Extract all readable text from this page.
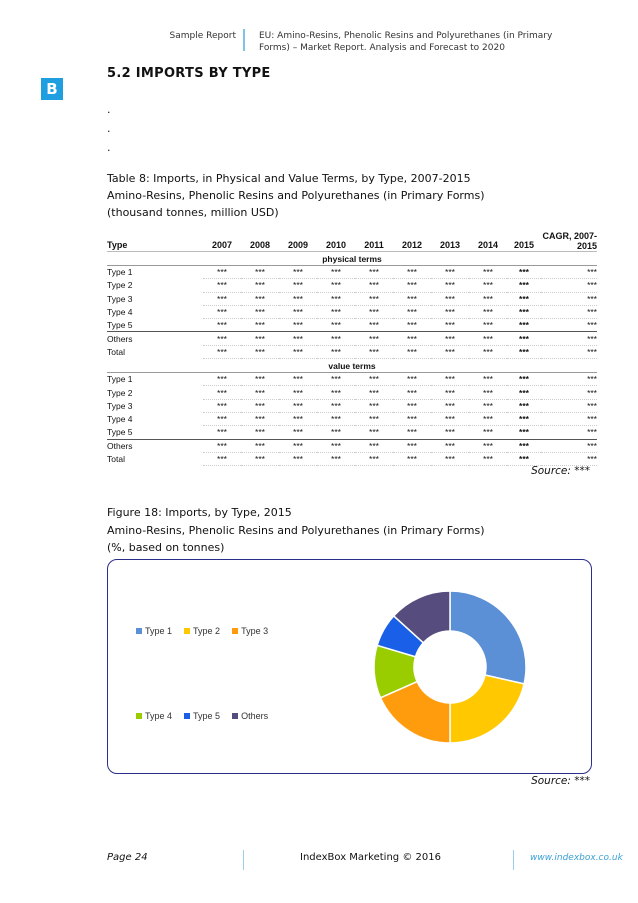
Sample Report	EU: Amino-Resins, Phenolic Resins and Polyurethanes (in Primary Forms) – Market Report. Analysis and Forecast to 2020
B
5.2 IMPORTS BY TYPE
.
.
.
Table 8: Imports, in Physical and Value Terms, by Type, 2007-2015
Amino-Resins, Phenolic Resins and Polyurethanes (in Primary Forms)
(thousand tonnes, million USD)
Type	2007	2008	2009	2010	2011	2012	2013	2014	2015	CAGR, 2007-2015
physical terms										
Type 1	***	***	***	***	***	***	***	***	***	***
Type 2	***	***	***	***	***	***	***	***	***	***
Type 3	***	***	***	***	***	***	***	***	***	***
Type 4	***	***	***	***	***	***	***	***	***	***
Type 5	***	***	***	***	***	***	***	***	***	***
Others	***	***	***	***	***	***	***	***	***	***
Total	***	***	***	***	***	***	***	***	***	***
value terms										
Type 1	***	***	***	***	***	***	***	***	***	***
Type 2	***	***	***	***	***	***	***	***	***	***
Type 3	***	***	***	***	***	***	***	***	***	***
Type 4	***	***	***	***	***	***	***	***	***	***
Type 5	***	***	***	***	***	***	***	***	***	***
Others	***	***	***	***	***	***	***	***	***	***
Total	***	***	***	***	***	***	***	***	***	***
Source: ***
Figure 18: Imports, by Type, 2015
Amino-Resins, Phenolic Resins and Polyurethanes (in Primary Forms)
(%, based on tonnes)
Type 1 Type 2 Type 3
Type 4 Type 5 Others
Source: ***
Page 24	IndexBox Marketing © 2016	www.indexbox.co.uk
